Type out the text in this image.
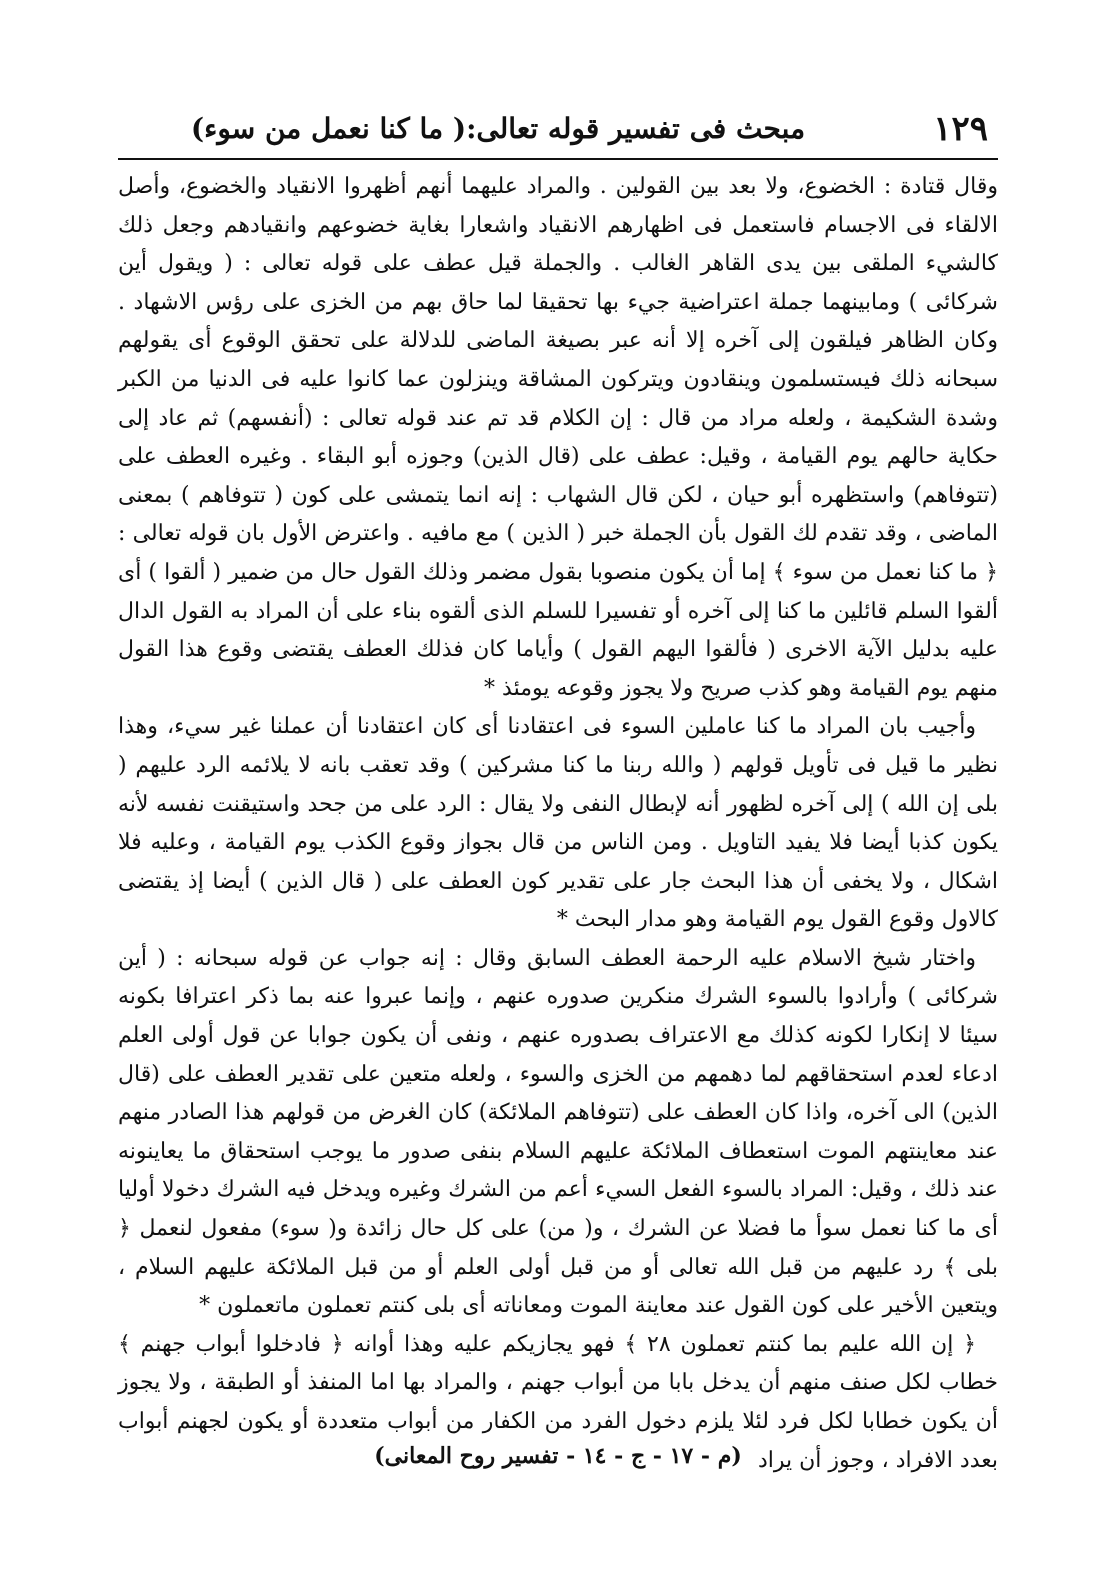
١٢٩
مبحث فى تفسير قوله تعالى:( ما كنا نعمل من سوء)

وقال قتادة : الخضوع، ولا بعد بين القولين . والمراد عليهما أنهم أظهروا الانقياد والخضوع، وأصل الالقاء فى الاجسام فاستعمل فى اظهارهم الانقياد واشعارا بغاية خضوعهم وانقيادهم وجعل ذلك كالشيء الملقى بين يدى القاهر الغالب . والجملة قيل عطف على قوله تعالى : ( ويقول أين شركائى ) ومابينهما جملة اعتراضية جيء بها تحقيقا لما حاق بهم من الخزى على رؤس الاشهاد . وكان الظاهر فيلقون إلى آخره إلا أنه عبر بصيغة الماضى للدلالة على تحقق الوقوع أى يقولهم سبحانه ذلك فيستسلمون وينقادون ويتركون المشاقة وينزلون عما كانوا عليه فى الدنيا من الكبر وشدة الشكيمة ، ولعله مراد من قال : إن الكلام قد تم عند قوله تعالى : (أنفسهم) ثم عاد إلى حكاية حالهم يوم القيامة ، وقيل: عطف على (قال الذين) وجوزه أبو البقاء . وغيره العطف على (تتوفاهم) واستظهره أبو حيان ، لكن قال الشهاب : إنه انما يتمشى على كون ( تتوفاهم ) بمعنى الماضى ، وقد تقدم لك القول بأن الجملة خبر ( الذين ) مع مافيه . واعترض الأول بان قوله تعالى : ﴿ ما كنا نعمل من سوء ﴾ إما أن يكون منصوبا بقول مضمر وذلك القول حال من ضمير ( ألقوا ) أى ألقوا السلم قائلين ما كنا إلى آخره أو تفسيرا للسلم الذى ألقوه بناء على أن المراد به القول الدال عليه بدليل الآية الاخرى ( فألقوا اليهم القول ) وأياما كان فذلك العطف يقتضى وقوع هذا القول منهم يوم القيامة وهو كذب صريح ولا يجوز وقوعه يومئذ *

وأجيب بان المراد ما كنا عاملين السوء فى اعتقادنا أى كان اعتقادنا أن عملنا غير سيء، وهذا نظير ما قيل فى تأويل قولهم ( والله ربنا ما كنا مشركين ) وقد تعقب بانه لا يلائمه الرد عليهم ( بلى إن الله ) إلى آخره لظهور أنه لإبطال النفى ولا يقال : الرد على من جحد واستيقنت نفسه لأنه يكون كذبا أيضا فلا يفيد التاويل . ومن الناس من قال بجواز وقوع الكذب يوم القيامة ، وعليه فلا اشكال ، ولا يخفى أن هذا البحث جار على تقدير كون العطف على ( قال الذين ) أيضا إذ يقتضى كالاول وقوع القول يوم القيامة وهو مدار البحث *

واختار شيخ الاسلام عليه الرحمة العطف السابق وقال : إنه جواب عن قوله سبحانه : ( أين شركائى ) وأرادوا بالسوء الشرك منكرين صدوره عنهم ، وإنما عبروا عنه بما ذكر اعترافا بكونه سيئا لا إنكارا لكونه كذلك مع الاعتراف بصدوره عنهم ، ونفى أن يكون جوابا عن قول أولى العلم ادعاء لعدم استحقاقهم لما دهمهم من الخزى والسوء ، ولعله متعين على تقدير العطف على (قال الذين) الى آخره، واذا كان العطف على (تتوفاهم الملائكة) كان الغرض من قولهم هذا الصادر منهم عند معاينتهم الموت استعطاف الملائكة عليهم السلام بنفى صدور ما يوجب استحقاق ما يعاينونه عند ذلك ، وقيل: المراد بالسوء الفعل السيء أعم من الشرك وغيره ويدخل فيه الشرك دخولا أوليا أى ما كنا نعمل سوأ ما فضلا عن الشرك ، و( من) على كل حال زائدة و( سوء) مفعول لنعمل ﴿ بلى ﴾ رد عليهم من قبل الله تعالى أو من قبل أولى العلم أو من قبل الملائكة عليهم السلام ، ويتعين الأخير على كون القول عند معاينة الموت ومعاناته أى بلى كنتم تعملون ماتعملون *

﴿ إن الله عليم بما كنتم تعملون ٢٨ ﴾ فهو يجازيكم عليه وهذا أوانه ﴿ فادخلوا أبواب جهنم ﴾ خطاب لكل صنف منهم أن يدخل بابا من أبواب جهنم ، والمراد بها اما المنفذ أو الطبقة ، ولا يجوز أن يكون خطابا لكل فرد لئلا يلزم دخول الفرد من الكفار من أبواب متعددة أو يكون لجهنم أبواب بعدد الافراد ، وجوز أن يراد

(م - ١٧ - ج - ١٤ - تفسير روح المعانى)
